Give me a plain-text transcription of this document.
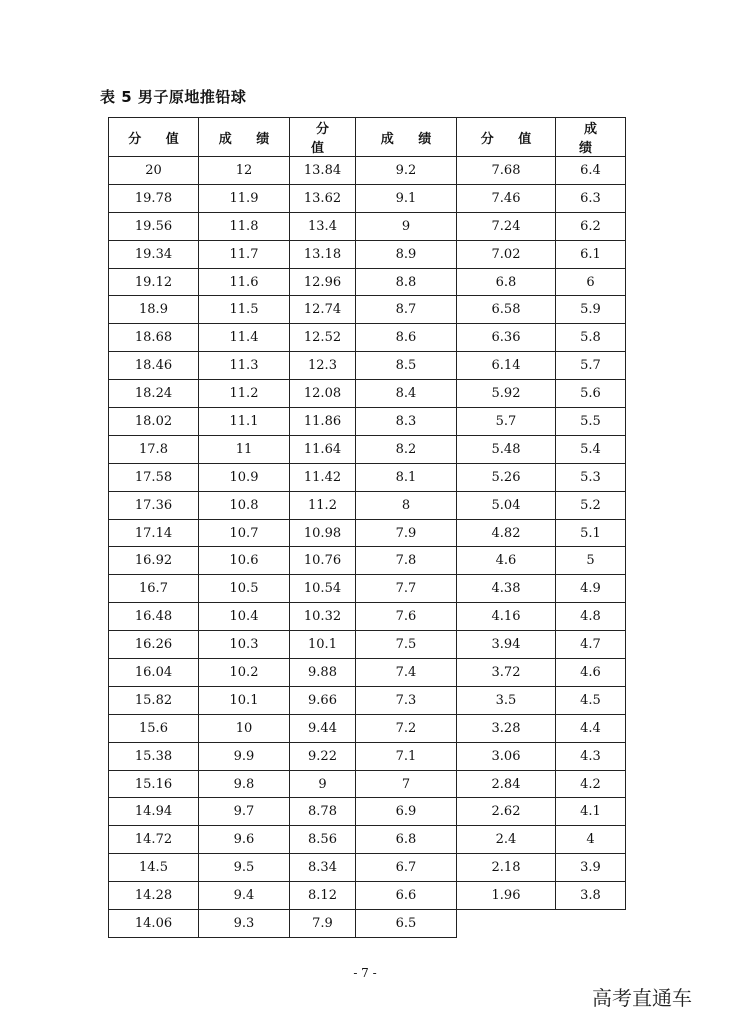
表 5 男子原地推铅球
分 值	成 绩	分 值	成 绩	分 值	成 绩
20	12	13.84	9.2	7.68	6.4
19.78	11.9	13.62	9.1	7.46	6.3
19.56	11.8	13.4	9	7.24	6.2
19.34	11.7	13.18	8.9	7.02	6.1
19.12	11.6	12.96	8.8	6.8	6
18.9	11.5	12.74	8.7	6.58	5.9
18.68	11.4	12.52	8.6	6.36	5.8
18.46	11.3	12.3	8.5	6.14	5.7
18.24	11.2	12.08	8.4	5.92	5.6
18.02	11.1	11.86	8.3	5.7	5.5
17.8	11	11.64	8.2	5.48	5.4
17.58	10.9	11.42	8.1	5.26	5.3
17.36	10.8	11.2	8	5.04	5.2
17.14	10.7	10.98	7.9	4.82	5.1
16.92	10.6	10.76	7.8	4.6	5
16.7	10.5	10.54	7.7	4.38	4.9
16.48	10.4	10.32	7.6	4.16	4.8
16.26	10.3	10.1	7.5	3.94	4.7
16.04	10.2	9.88	7.4	3.72	4.6
15.82	10.1	9.66	7.3	3.5	4.5
15.6	10	9.44	7.2	3.28	4.4
15.38	9.9	9.22	7.1	3.06	4.3
15.16	9.8	9	7	2.84	4.2
14.94	9.7	8.78	6.9	2.62	4.1
14.72	9.6	8.56	6.8	2.4	4
14.5	9.5	8.34	6.7	2.18	3.9
14.28	9.4	8.12	6.6	1.96	3.8
14.06	9.3	7.9	6.5		
- 7 -
高考直通车
